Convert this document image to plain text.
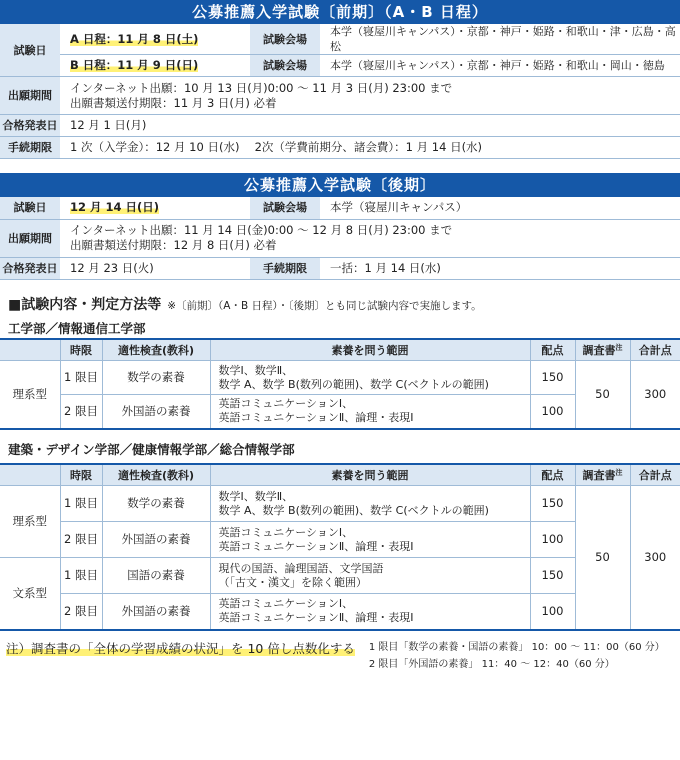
公募推薦入学試験〔前期〕（A・B 日程）
試験日	A 日程：11 月 8 日(土)	試験会場	本学（寝屋川キャンパス）・京都・神戸・姫路・和歌山・津・広島・高松
	B 日程：11 月 9 日(日)	試験会場	本学（寝屋川キャンパス）・京都・神戸・姫路・和歌山・岡山・徳島
出願期間	インターネット出願：10 月 13 日(月)0:00 ～ 11 月 3 日(月) 23:00 まで
出願書類送付期限：11 月 3 日(月) 必着		

合格発表日	12 月 1 日(月)		
手続期限	1 次（入学金）：12 月 10 日(水)　 2次（学費前期分、諸会費）：1 月 14 日(水)		
公募推薦入学試験〔後期〕
試験日	12 月 14 日(日)	試験会場	本学（寝屋川キャンパス）
出願期間	インターネット出願：11 月 14 日(金)0:00 ～ 12 月 8 日(月) 23:00 まで
出願書類送付期限：12 月 8 日(月) 必着		

合格発表日	12 月 23 日(火)	手続期限	一括：1 月 14 日(水)
■試験内容・判定方法等 ※〔前期〕（A・B 日程）・〔後期〕とも同じ試験内容で実施します。
工学部／情報通信工学部
	時限	適性検査(教科)	素養を問う範囲	配点	調査書$^注$	合計点
理系型	1 限目	数学の素養	数学Ⅰ、数学Ⅱ、
数学 A、数学 B(数列の範囲)、数学 C(ベクトルの範囲)	150	50	300
	2 限目	外国語の素養	英語コミュニケーションⅠ、
英語コミュニケーションⅡ、論理・表現Ⅰ	100		
建築・デザイン学部／健康情報学部／総合情報学部
	時限	適性検査(教科)	素養を問う範囲	配点	調査書$^注$	合計点
理系型	1 限目	数学の素養	数学Ⅰ、数学Ⅱ、
数学 A、数学 B(数列の範囲)、数学 C(ベクトルの範囲)	150	50	300
	2 限目	外国語の素養	英語コミュニケーションⅠ、
英語コミュニケーションⅡ、論理・表現Ⅰ	100		
文系型	1 限目	国語の素養	現代の国語、論理国語、文学国語
（「古文・漢文」を除く範囲）	150		
	2 限目	外国語の素養	英語コミュニケーションⅠ、
英語コミュニケーションⅡ、論理・表現Ⅰ	100		
注）調査書の「全体の学習成績の状況」を 10 倍し点数化する 1 限目「数学の素養・国語の素養」 10：00 ～ 11：00（60 分）
2 限目「外国語の素養」 11：40 ～ 12：40（60 分）
